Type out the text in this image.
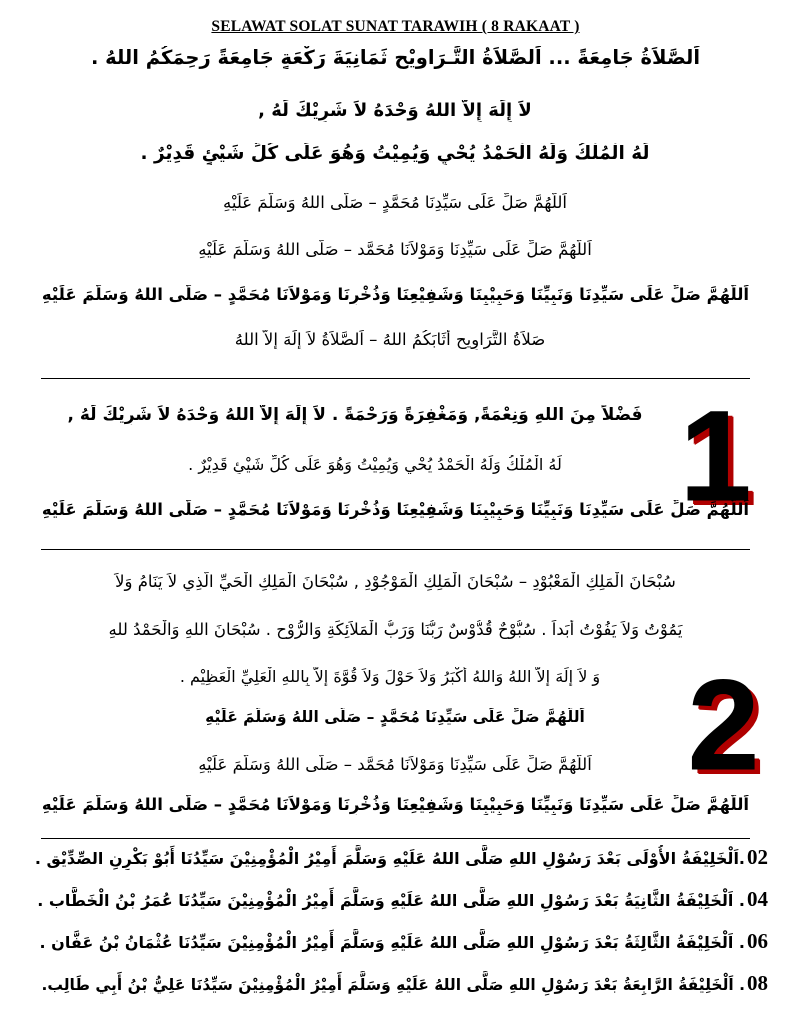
SELAWAT SOLAT SUNAT TARAWIH ( 8 RAKAAT )
اَلصَّلاَةُ جَامِعَةً ... اَلصَّلاَةُ التَّـرَاوِيْحِ ثَمَانِيَةَ رَكْعَةٍ جَامِعَةً رَحِمَكُمُ اللهُ .
لاَ إِلَهَ إِلاَّ اللهُ وَحْدَهُ لاَ شَرِيْكَ لَهُ ,
لَهُ الْمُلْكُ وَلَهُ الْحَمْدُ يُحْيِ وَيُمِيْتُ وَهُوَ عَلَى كُلِّ شَيْئٍ قَدِيْرٌ .
اَللَّهُمَّ صَلِّ عَلَى سَيِّدِنَا مُحَمَّدٍ – صَلَّى اللهُ وَسَلَّمَ عَلَيْهِ
اَللَّهُمَّ صَلِّ عَلَى سَيِّدِنَا وَمَوْلاَنَا مُحَمَّد – صَلَّى اللهُ وَسَلَّمَ عَلَيْهِ
اَللَّهُمَّ صَلِّ عَلَى سَيِّدِنَا وَنَبِيِّنَا وَحَبِيْبِنَا وَشَفِيْعِنَا وَذُخْرِنَا وَمَوْلاَنَا مُحَمَّدٍ – صَلَّى اللهُ وَسَلَّمَ عَلَيْهِ
صَلاَةُ التَّرَاوِيحِ أَثَابَكُمُ اللهُ – اَلصَّلاَةُ لاَ إِلَهَ إِلاَّ اللهُ
1
فَضْلاً مِنَ اللهِ وَنِعْمَةً, وَمَغْفِرَةً وَرَحْمَةً . لاَ إِلَهَ إِلاَّ اللهُ وَحْدَهُ لاَ شَرِيْكَ لَهُ ,
لَهُ الْمُلْكُ وَلَهُ الْحَمْدُ يُحْيِ وَيُمِيْتُ وَهُوَ عَلَى كُلِّ شَيْئٍ قَدِيْرٌ .
اَللَّهُمَّ صَلِّ عَلَى سَيِّدِنَا وَنَبِيِّنَا وَحَبِيْبِنَا وَشَفِيْعِنَا وَذُخْرِنَا وَمَوْلاَنَا مُحَمَّدٍ – صَلَّى اللهُ وَسَلَّمَ عَلَيْهِ
سُبْحَانَ الْمَلِكِ الْمَعْبُوْدِ – سُبْحَانَ الْمَلِكِ الْمَوْجُوْدِ , سُبْحَانَ الْمَلِكِ الْحَيِّ الَّذِي لاَ يَنَامُ وَلاَ
يَمُوْتُ وَلاَ يَفُوْتُ أَبَداً . سُبُّوْحٌ قُدُّوْسٌ رَبُّنَا وَرَبُّ الْمَلاَئِكَةِ وَالرُّوْحِ . سُبْحَانَ اللهِ وَالْحَمْدُ للهِ
وَ لاَ إِلَهَ إِلاَّ اللهُ وَاللهُ أَكْبَرُ وَلاَ حَوْلَ وَلاَ قُوَّةَ إِلاَّ بِاللهِ الْعَلِيِّ الْعَظِيْمِ . 2
اَللَّهُمَّ صَلِّ عَلَى سَيِّدِنَا مُحَمَّدٍ – صَلَّى اللهُ وَسَلَّمَ عَلَيْهِ
اَللَّهُمَّ صَلِّ عَلَى سَيِّدِنَا وَمَوْلاَنَا مُحَمَّد – صَلَّى اللهُ وَسَلَّمَ عَلَيْهِ
اَللَّهُمَّ صَلِّ عَلَى سَيِّدِنَا وَنَبِيِّنَا وَحَبِيْبِنَا وَشَفِيْعِنَا وَذُخْرِنَا وَمَوْلاَنَا مُحَمَّدٍ – صَلَّى اللهُ وَسَلَّمَ عَلَيْهِ
02
.اَلْخَلِيْفَةُ الأُوْلَى بَعْدَ رَسُوْلِ اللهِ صَلَّى اللهُ عَلَيْهِ وَسَلَّمَ أَمِيْرُ الْمُؤْمِنِيْنَ سَيِّدُنَا أَبُوْ بَكْرِنِ الصِّدِّيْق .
04
. اَلْخَلِيْفَةُ الثَّانِيَةُ بَعْدَ رَسُوْلِ اللهِ صَلَّى اللهُ عَلَيْهِ وَسَلَّمَ أَمِيْرُ الْمُؤْمِنِيْنَ سَيِّدُنَا عُمَرُ بْنُ الْخَطَّاب .
06
. اَلْخَلِيْفَةُ الثَّالِثَةُ بَعْدَ رَسُوْلِ اللهِ صَلَّى اللهُ عَلَيْهِ وَسَلَّمَ أَمِيْرُ الْمُؤْمِنِيْنَ سَيِّدُنَا عُثْمَانُ بْنُ عَفَّان .
08
. اَلْخَلِيْفَةُ الرَّابِعَةُ بَعْدَ رَسُوْلِ اللهِ صَلَّى اللهُ عَلَيْهِ وَسَلَّمَ أَمِيْرُ الْمُؤْمِنِيْنَ سَيِّدُنَا عَلِيُّ بْنُ أَبِي طَالِب.
